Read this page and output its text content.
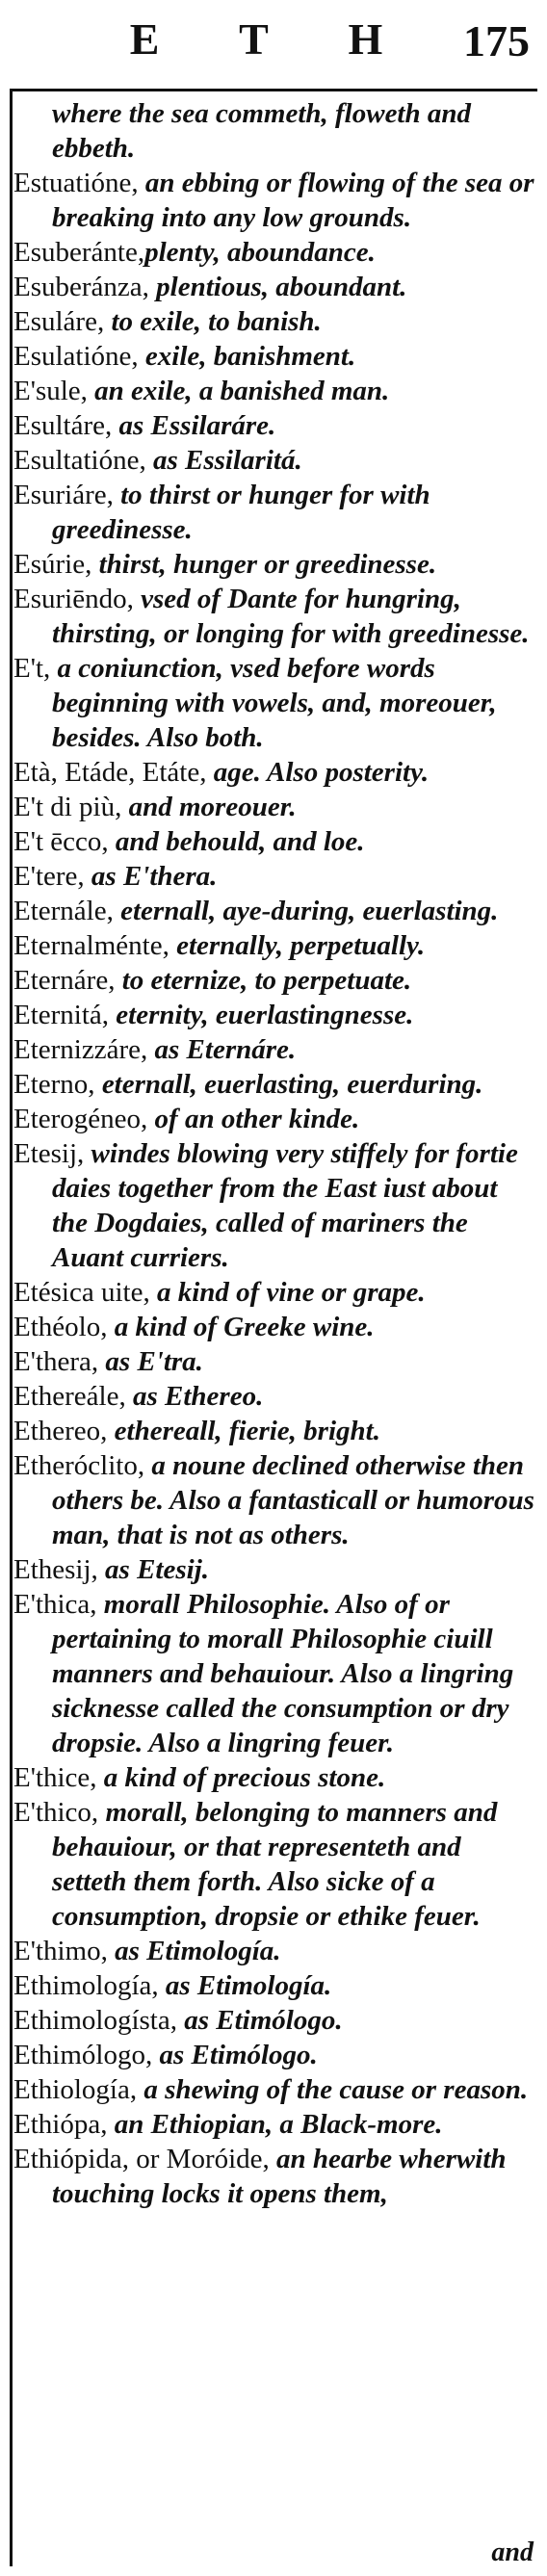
E T H	175
where the sea commeth, floweth and ebbeth.
Estuatióne, an ebbing or flowing of the sea or breaking into any low grounds.
Esuberánte,plenty, aboundance.
Esuberánza, plentious, aboundant.
Esuláre, to exile, to banish.
Esulatióne, exile, banishment.
E'sule, an exile, a banished man.
Esultáre, as Essilaráre.
Esultatióne, as Essilaritá.
Esuriáre, to thirst or hunger for with greedinesse.
Esúrie, thirst, hunger or greedinesse.
Esuriēndo, vsed of Dante for hungring, thirsting, or longing for with greedinesse.
E't, a coniunction, vsed before words beginning with vowels, and, moreouer, besides. Also both.
Età, Etáde, Etáte, age. Also posterity.
E't di più, and moreouer.
E't ēcco, and behould, and loe.
E'tere, as E'thera.
Eternále, eternall, aye-during, euerlasting.
Eternalménte, eternally, perpetually.
Eternáre, to eternize, to perpetuate.
Eternitá, eternity, euerlastingnesse.
Eternizzáre, as Eternáre.
Eterno, eternall, euerlasting, euerduring.
Eterogéneo, of an other kinde.
Etesij, windes blowing very stiffely for fortie daies together from the East iust about the Dogdaies, called of mariners the Auant curriers.
Etésica uite, a kind of vine or grape.
Ethéolo, a kind of Greeke wine.
E'thera, as E'tra.
Ethereále, as Ethereo.
Ethereo, ethereall, fierie, bright.
Etheróclito, a noune declined otherwise then others be. Also a fantasticall or humorous man, that is not as others.
Ethesij, as Etesij.
E'thica, morall Philosophie. Also of or pertaining to morall Philosophie ciuill manners and behauiour. Also a lingring sicknesse called the consumption or dry dropsie. Also a lingring feuer.
E'thice, a kind of precious stone.
E'thico, morall, belonging to manners and behauiour, or that representeth and setteth them forth. Also sicke of a consumption, dropsie or ethike feuer.
E'thimo, as Etimología.
Ethimología, as Etimología.
Ethimologísta, as Etimólogo.
Ethimólogo, as Etimólogo.
Ethiología, a shewing of the cause or reason.
Ethiópa, an Ethiopian, a Black-more.
Ethiópida, or Moróide, an hearbe wherwith touching locks it opens them,
and
